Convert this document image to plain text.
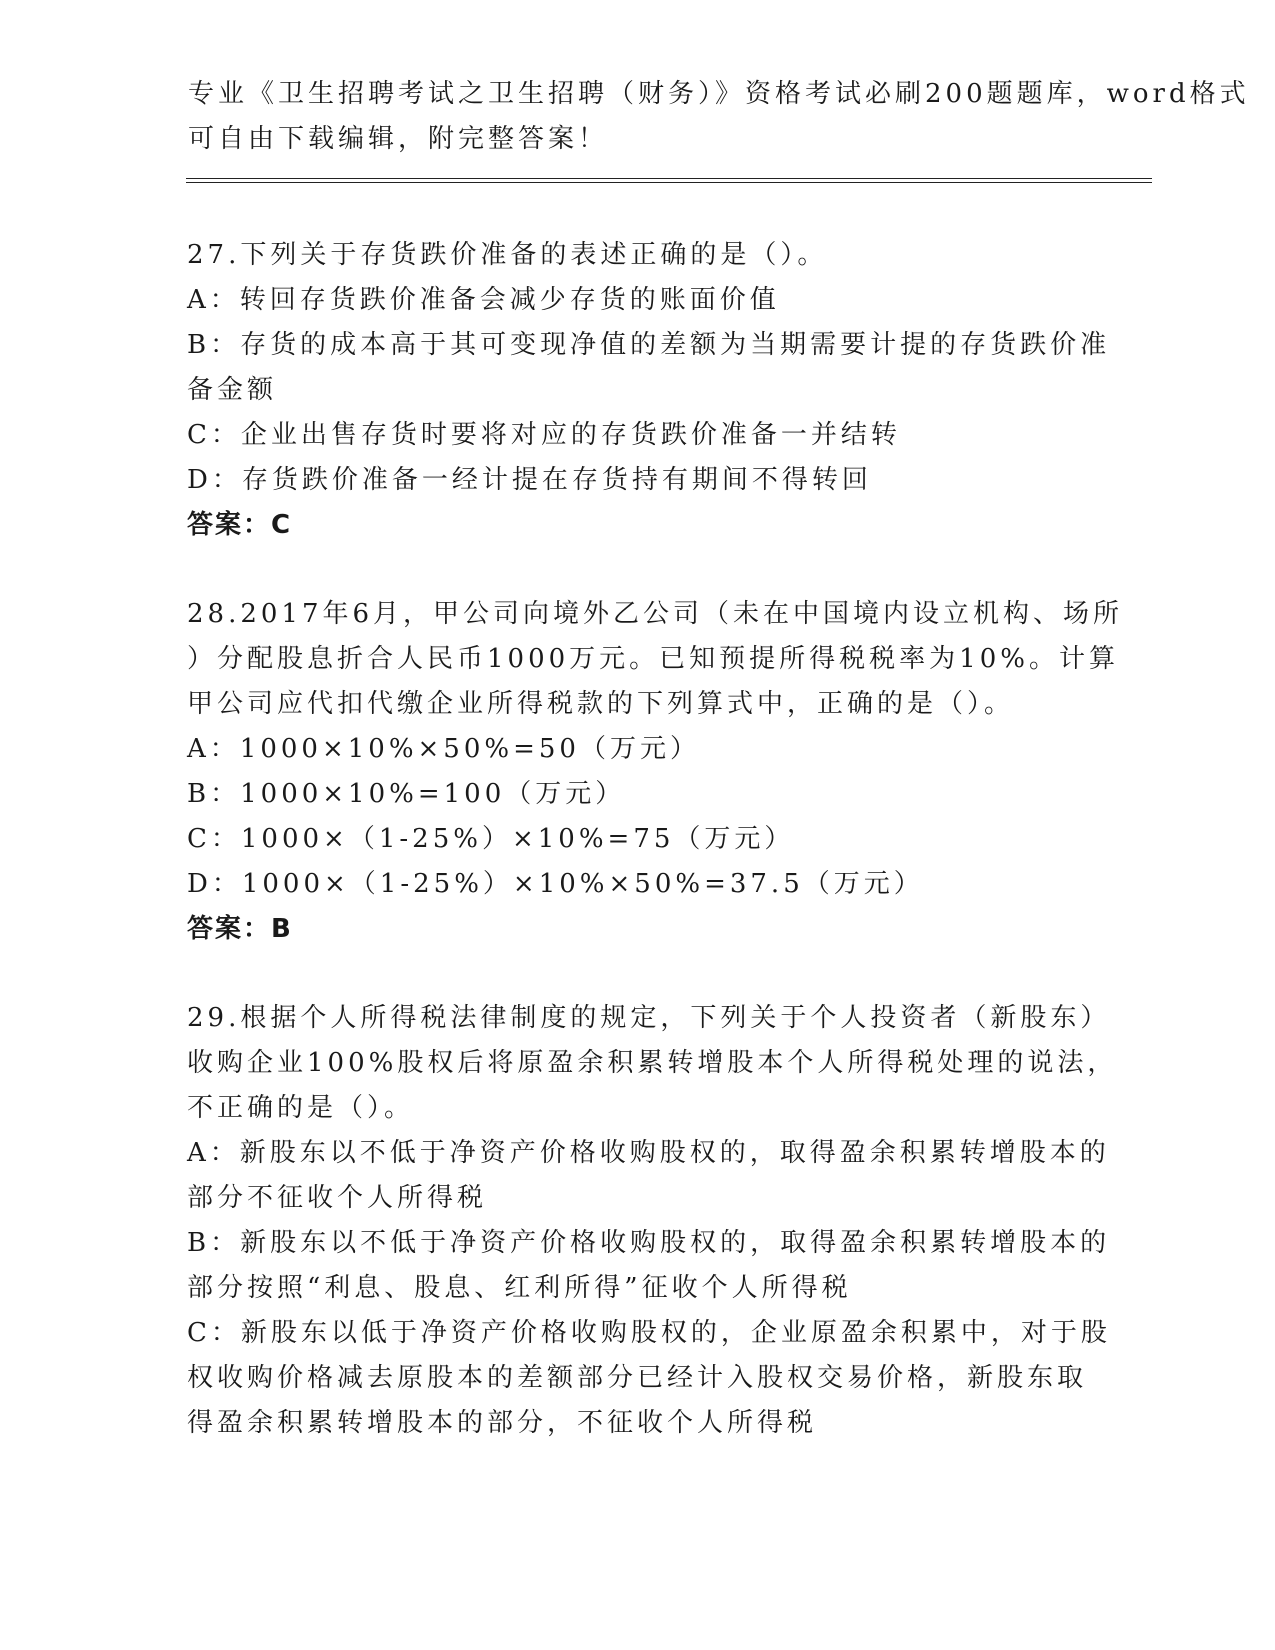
专业《卫生招聘考试之卫生招聘（财务）》资格考试必刷200题题库，word格式
可自由下载编辑，附完整答案！
27.下列关于存货跌价准备的表述正确的是（）。
A：转回存货跌价准备会减少存货的账面价值
B：存货的成本高于其可变现净值的差额为当期需要计提的存货跌价准
备金额
C：企业出售存货时要将对应的存货跌价准备一并结转
D：存货跌价准备一经计提在存货持有期间不得转回
答案：C
28.2017年6月，甲公司向境外乙公司（未在中国境内设立机构、场所
）分配股息折合人民币1000万元。已知预提所得税税率为10%。计算
甲公司应代扣代缴企业所得税款的下列算式中，正确的是（）。
A：1000×10%×50%=50（万元）
B：1000×10%=100（万元）
C：1000×（1-25%）×10%=75（万元）
D：1000×（1-25%）×10%×50%=37.5（万元）
答案：B
29.根据个人所得税法律制度的规定，下列关于个人投资者（新股东）
收购企业100%股权后将原盈余积累转增股本个人所得税处理的说法，
不正确的是（）。
A：新股东以不低于净资产价格收购股权的，取得盈余积累转增股本的
部分不征收个人所得税
B：新股东以不低于净资产价格收购股权的，取得盈余积累转增股本的
部分按照“利息、股息、红利所得”征收个人所得税
C：新股东以低于净资产价格收购股权的，企业原盈余积累中，对于股
权收购价格减去原股本的差额部分已经计入股权交易价格，新股东取
得盈余积累转增股本的部分，不征收个人所得税
